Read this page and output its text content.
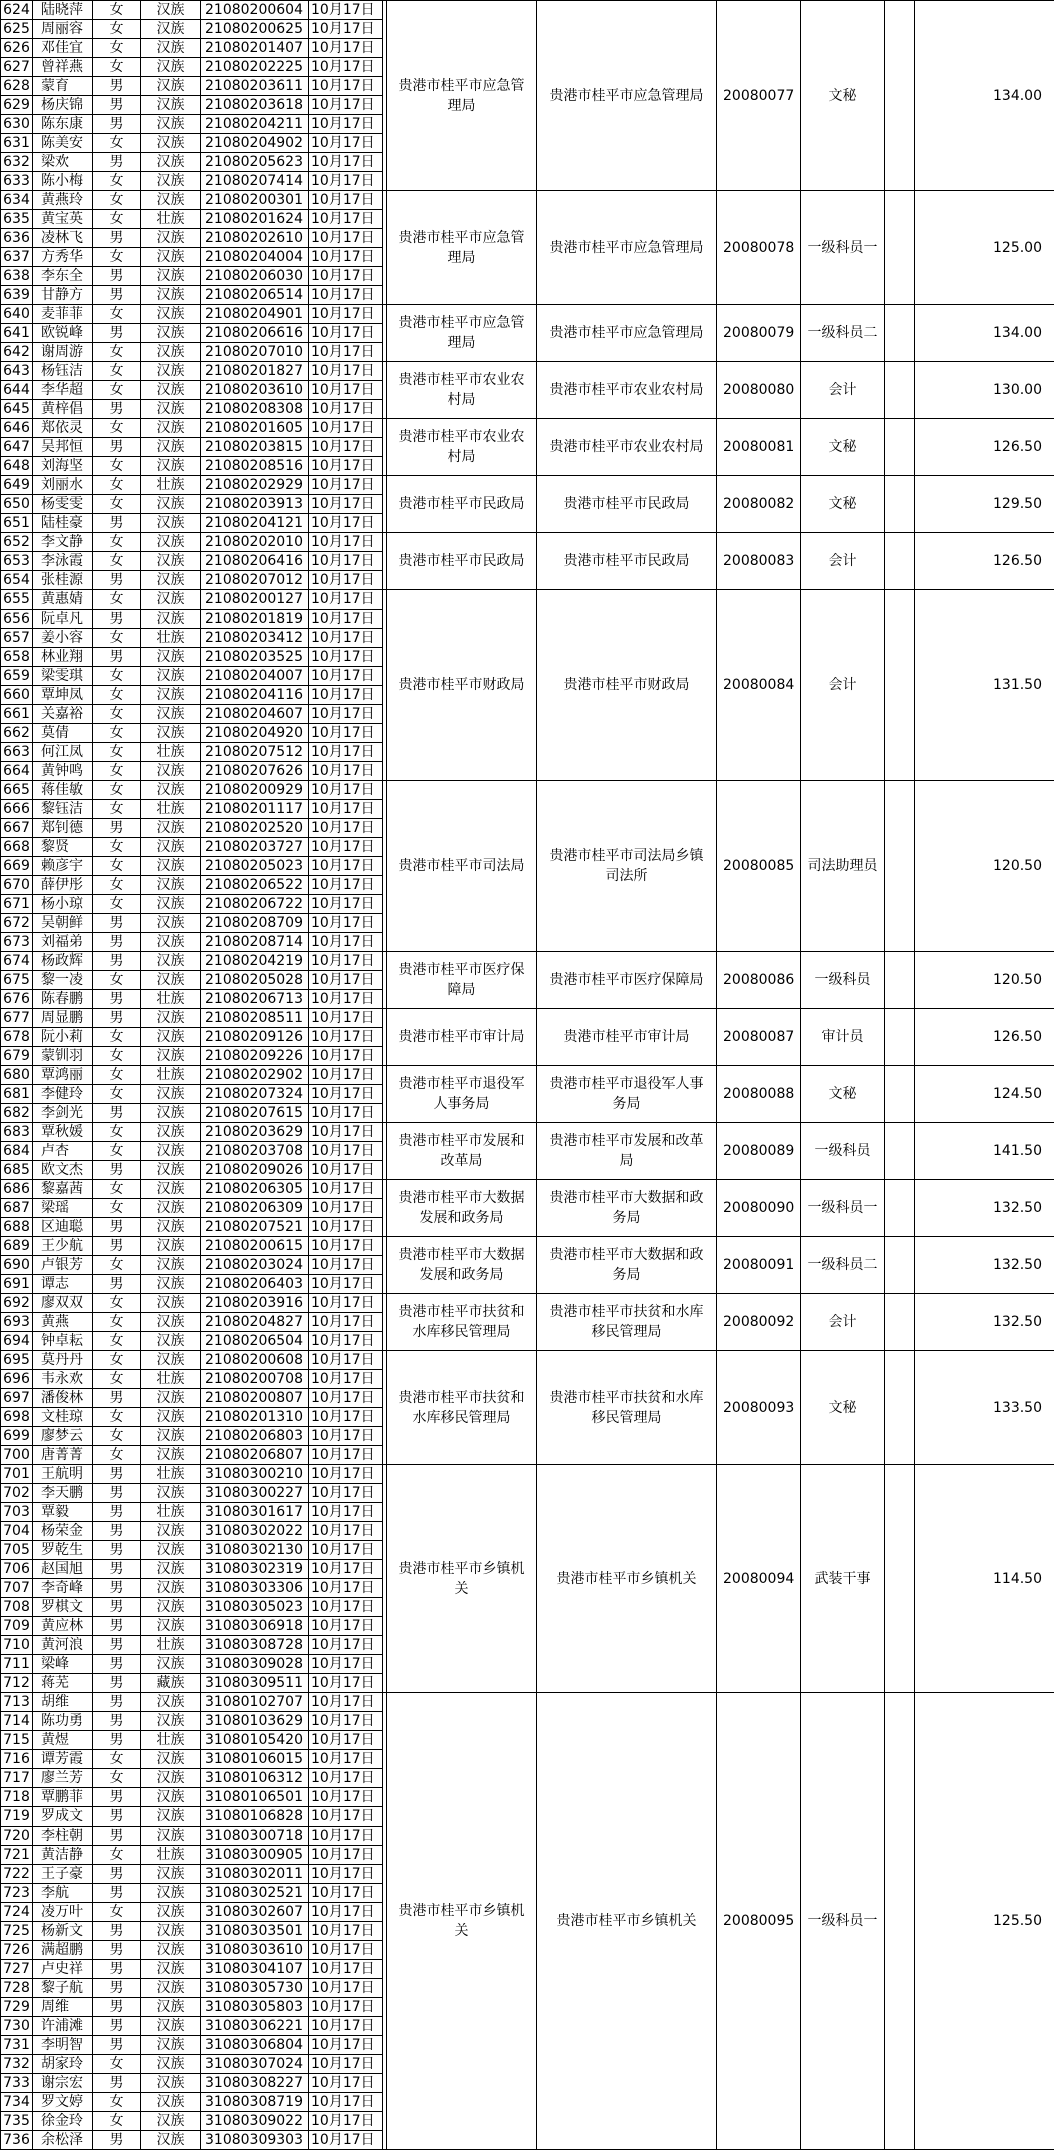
624	陆晓萍	女	汉族	21080200604	10月17日		贵港市桂平市应急管理局	贵港市桂平市应急管理局	20080077	文秘		134.00
625	周丽容	女	汉族	21080200625	10月17日							
626	邓佳宜	女	汉族	21080201407	10月17日							
627	曾祥燕	女	汉族	21080202225	10月17日							
628	蒙育	男	汉族	21080203611	10月17日							
629	杨庆锦	男	汉族	21080203618	10月17日							
630	陈东康	男	汉族	21080204211	10月17日							
631	陈美安	女	汉族	21080204902	10月17日							
632	梁欢	男	汉族	21080205623	10月17日							
633	陈小梅	女	汉族	21080207414	10月17日							
634	黄燕玲	女	汉族	21080200301	10月17日		贵港市桂平市应急管理局	贵港市桂平市应急管理局	20080078	一级科员一		125.00
635	黄宝英	女	壮族	21080201624	10月17日							
636	凌林飞	男	汉族	21080202610	10月17日							
637	方秀华	女	汉族	21080204004	10月17日							
638	李东全	男	汉族	21080206030	10月17日							
639	甘静方	男	汉族	21080206514	10月17日							
640	麦菲菲	女	汉族	21080204901	10月17日		贵港市桂平市应急管理局	贵港市桂平市应急管理局	20080079	一级科员二		134.00
641	欧锐峰	男	汉族	21080206616	10月17日							
642	谢周游	女	汉族	21080207010	10月17日							
643	杨钰洁	女	汉族	21080201827	10月17日		贵港市桂平市农业农村局	贵港市桂平市农业农村局	20080080	会计		130.00
644	李华超	女	汉族	21080203610	10月17日							
645	黄梓倡	男	汉族	21080208308	10月17日							
646	郑依灵	女	汉族	21080201605	10月17日		贵港市桂平市农业农村局	贵港市桂平市农业农村局	20080081	文秘		126.50
647	吴邦恒	男	汉族	21080203815	10月17日							
648	刘海坚	女	汉族	21080208516	10月17日							
649	刘丽水	女	壮族	21080202929	10月17日		贵港市桂平市民政局	贵港市桂平市民政局	20080082	文秘		129.50
650	杨雯雯	女	汉族	21080203913	10月17日							
651	陆桂豪	男	汉族	21080204121	10月17日							
652	李文静	女	汉族	21080202010	10月17日		贵港市桂平市民政局	贵港市桂平市民政局	20080083	会计		126.50
653	李泳霞	女	汉族	21080206416	10月17日							
654	张桂源	男	汉族	21080207012	10月17日							
655	黄惠婧	女	汉族	21080200127	10月17日		贵港市桂平市财政局	贵港市桂平市财政局	20080084	会计		131.50
656	阮卓凡	男	汉族	21080201819	10月17日							
657	姜小容	女	壮族	21080203412	10月17日							
658	林业翔	男	汉族	21080203525	10月17日							
659	梁雯琪	女	汉族	21080204007	10月17日							
660	覃坤凤	女	汉族	21080204116	10月17日							
661	关嘉裕	女	汉族	21080204607	10月17日							
662	莫倩	女	汉族	21080204920	10月17日							
663	何江凤	女	壮族	21080207512	10月17日							
664	黄钟鸣	女	汉族	21080207626	10月17日							
665	蒋佳敏	女	汉族	21080200929	10月17日		贵港市桂平市司法局	贵港市桂平市司法局乡镇司法所	20080085	司法助理员		120.50
666	黎钰洁	女	壮族	21080201117	10月17日							
667	郑钊德	男	汉族	21080202520	10月17日							
668	黎贤	女	汉族	21080203727	10月17日							
669	赖彦宇	女	汉族	21080205023	10月17日							
670	薛伊彤	女	汉族	21080206522	10月17日							
671	杨小琼	女	汉族	21080206722	10月17日							
672	吴朝鲜	男	汉族	21080208709	10月17日							
673	刘福弟	男	汉族	21080208714	10月17日							
674	杨政辉	男	汉族	21080204219	10月17日		贵港市桂平市医疗保障局	贵港市桂平市医疗保障局	20080086	一级科员		120.50
675	黎一凌	女	汉族	21080205028	10月17日							
676	陈春鹏	男	壮族	21080206713	10月17日							
677	周显鹏	男	汉族	21080208511	10月17日		贵港市桂平市审计局	贵港市桂平市审计局	20080087	审计员		126.50
678	阮小莉	女	汉族	21080209126	10月17日							
679	蒙钏羽	女	汉族	21080209226	10月17日							
680	覃鸿丽	女	壮族	21080202902	10月17日		贵港市桂平市退役军人事务局	贵港市桂平市退役军人事务局	20080088	文秘		124.50
681	李健玲	女	汉族	21080207324	10月17日							
682	李剑光	男	汉族	21080207615	10月17日							
683	覃秋媛	女	汉族	21080203629	10月17日		贵港市桂平市发展和改革局	贵港市桂平市发展和改革局	20080089	一级科员		141.50
684	卢杏	女	汉族	21080203708	10月17日							
685	欧文杰	男	汉族	21080209026	10月17日							
686	黎嘉茜	女	汉族	21080206305	10月17日		贵港市桂平市大数据发展和政务局	贵港市桂平市大数据和政务局	20080090	一级科员一		132.50
687	梁瑶	女	汉族	21080206309	10月17日							
688	区迪聪	男	汉族	21080207521	10月17日							
689	王少航	男	汉族	21080200615	10月17日		贵港市桂平市大数据发展和政务局	贵港市桂平市大数据和政务局	20080091	一级科员二		132.50
690	卢银芳	女	汉族	21080203024	10月17日							
691	谭志	男	汉族	21080206403	10月17日							
692	廖双双	女	汉族	21080203916	10月17日		贵港市桂平市扶贫和水库移民管理局	贵港市桂平市扶贫和水库移民管理局	20080092	会计		132.50
693	黄燕	女	汉族	21080204827	10月17日							
694	钟卓耘	女	汉族	21080206504	10月17日							
695	莫丹丹	女	汉族	21080200608	10月17日		贵港市桂平市扶贫和水库移民管理局	贵港市桂平市扶贫和水库移民管理局	20080093	文秘		133.50
696	韦永欢	女	壮族	21080200708	10月17日							
697	潘俊林	男	汉族	21080200807	10月17日							
698	文桂琼	女	汉族	21080201310	10月17日							
699	廖梦云	女	汉族	21080206803	10月17日							
700	唐菁菁	女	汉族	21080206807	10月17日							
701	王航明	男	壮族	31080300210	10月17日		贵港市桂平市乡镇机关	贵港市桂平市乡镇机关	20080094	武装干事		114.50
702	李天鹏	男	汉族	31080300227	10月17日							
703	覃毅	男	壮族	31080301617	10月17日							
704	杨荣金	男	汉族	31080302022	10月17日							
705	罗乾生	男	汉族	31080302130	10月17日							
706	赵国旭	男	汉族	31080302319	10月17日							
707	李奇峰	男	汉族	31080303306	10月17日							
708	罗棋文	男	汉族	31080305023	10月17日							
709	黄应林	男	汉族	31080306918	10月17日							
710	黄河浪	男	壮族	31080308728	10月17日							
711	梁峰	男	汉族	31080309028	10月17日							
712	蒋芜	男	藏族	31080309511	10月17日							
713	胡维	男	汉族	31080102707	10月17日		贵港市桂平市乡镇机关	贵港市桂平市乡镇机关	20080095	一级科员一		125.50
714	陈功勇	男	汉族	31080103629	10月17日							
715	黄煜	男	壮族	31080105420	10月17日							
716	谭芳霞	女	汉族	31080106015	10月17日							
717	廖兰芳	女	汉族	31080106312	10月17日							
718	覃鹏菲	男	汉族	31080106501	10月17日							
719	罗成文	男	汉族	31080106828	10月17日							
720	李柱朝	男	汉族	31080300718	10月17日							
721	黄洁静	女	壮族	31080300905	10月17日							
722	王子豪	男	汉族	31080302011	10月17日							
723	李航	男	汉族	31080302521	10月17日							
724	凌万叶	女	汉族	31080302607	10月17日							
725	杨新文	男	汉族	31080303501	10月17日							
726	满超鹏	男	汉族	31080303610	10月17日							
727	卢史祥	男	汉族	31080304107	10月17日							
728	黎子航	男	汉族	31080305730	10月17日							
729	周维	男	汉族	31080305803	10月17日							
730	许浦滩	男	汉族	31080306221	10月17日							
731	李明智	男	汉族	31080306804	10月17日							
732	胡家玲	女	汉族	31080307024	10月17日							
733	谢宗宏	男	汉族	31080308227	10月17日							
734	罗文婷	女	汉族	31080308719	10月17日							
735	徐金玲	女	汉族	31080309022	10月17日							
736	余松泽	男	汉族	31080309303	10月17日							
